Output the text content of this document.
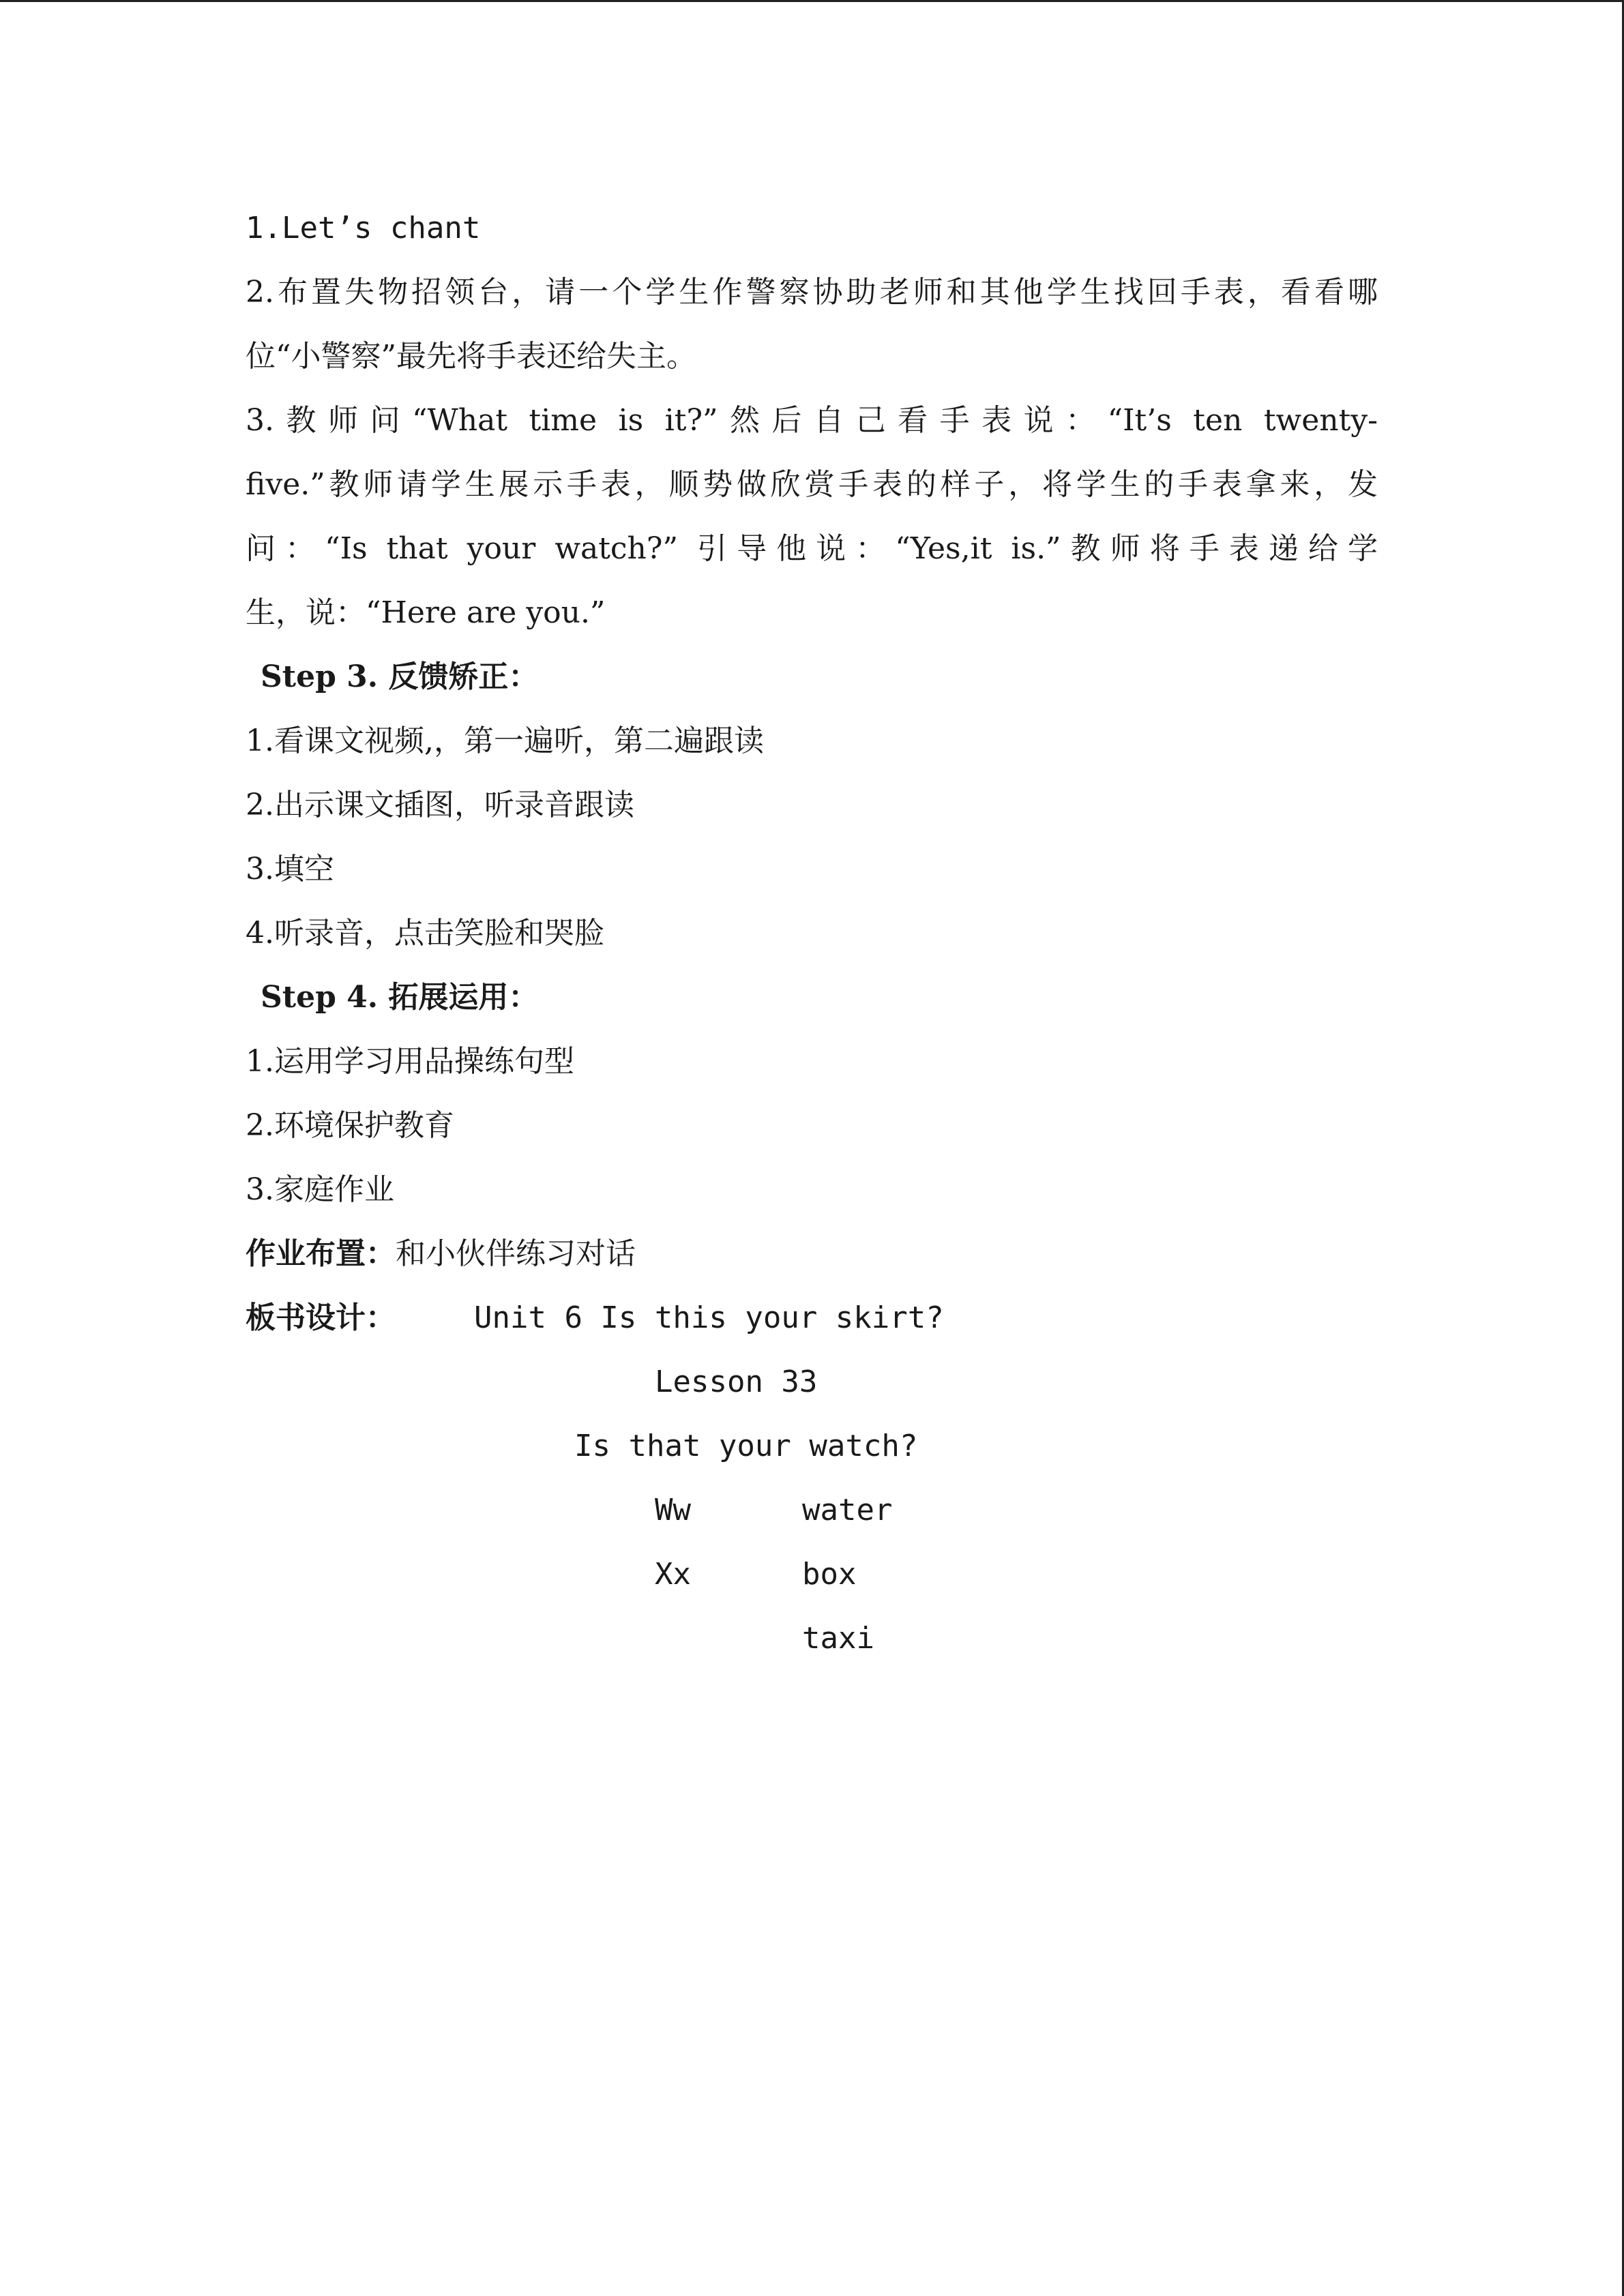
1.Let’s chant
2.布置失物招领台，请一个学生作警察协助老师和其他学生找回手表，看看哪
位“小警察”最先将手表还给失主。
3.教师问“What time is it?”然后自己看手表说：“It’s ten twenty-
five.”教师请学生展示手表，顺势做欣赏手表的样子，将学生的手表拿来，发
问：“Is that your watch?” 引导他说：“Yes,it is.”教师将手表递给学
生，说：“Here are you.”
Step 3. 反馈矫正：
1.看课文视频,，第一遍听，第二遍跟读
2.出示课文插图，听录音跟读
3.填空
4.听录音，点击笑脸和哭脸
Step 4. 拓展运用：
1.运用学习用品操练句型
2.环境保护教育
3.家庭作业
作业布置：和小伙伴练习对话
板书设计：	Unit 6 Is this your skirt?
Lesson 33
Is that your watch?
Ww	water
Xx	box
taxi
